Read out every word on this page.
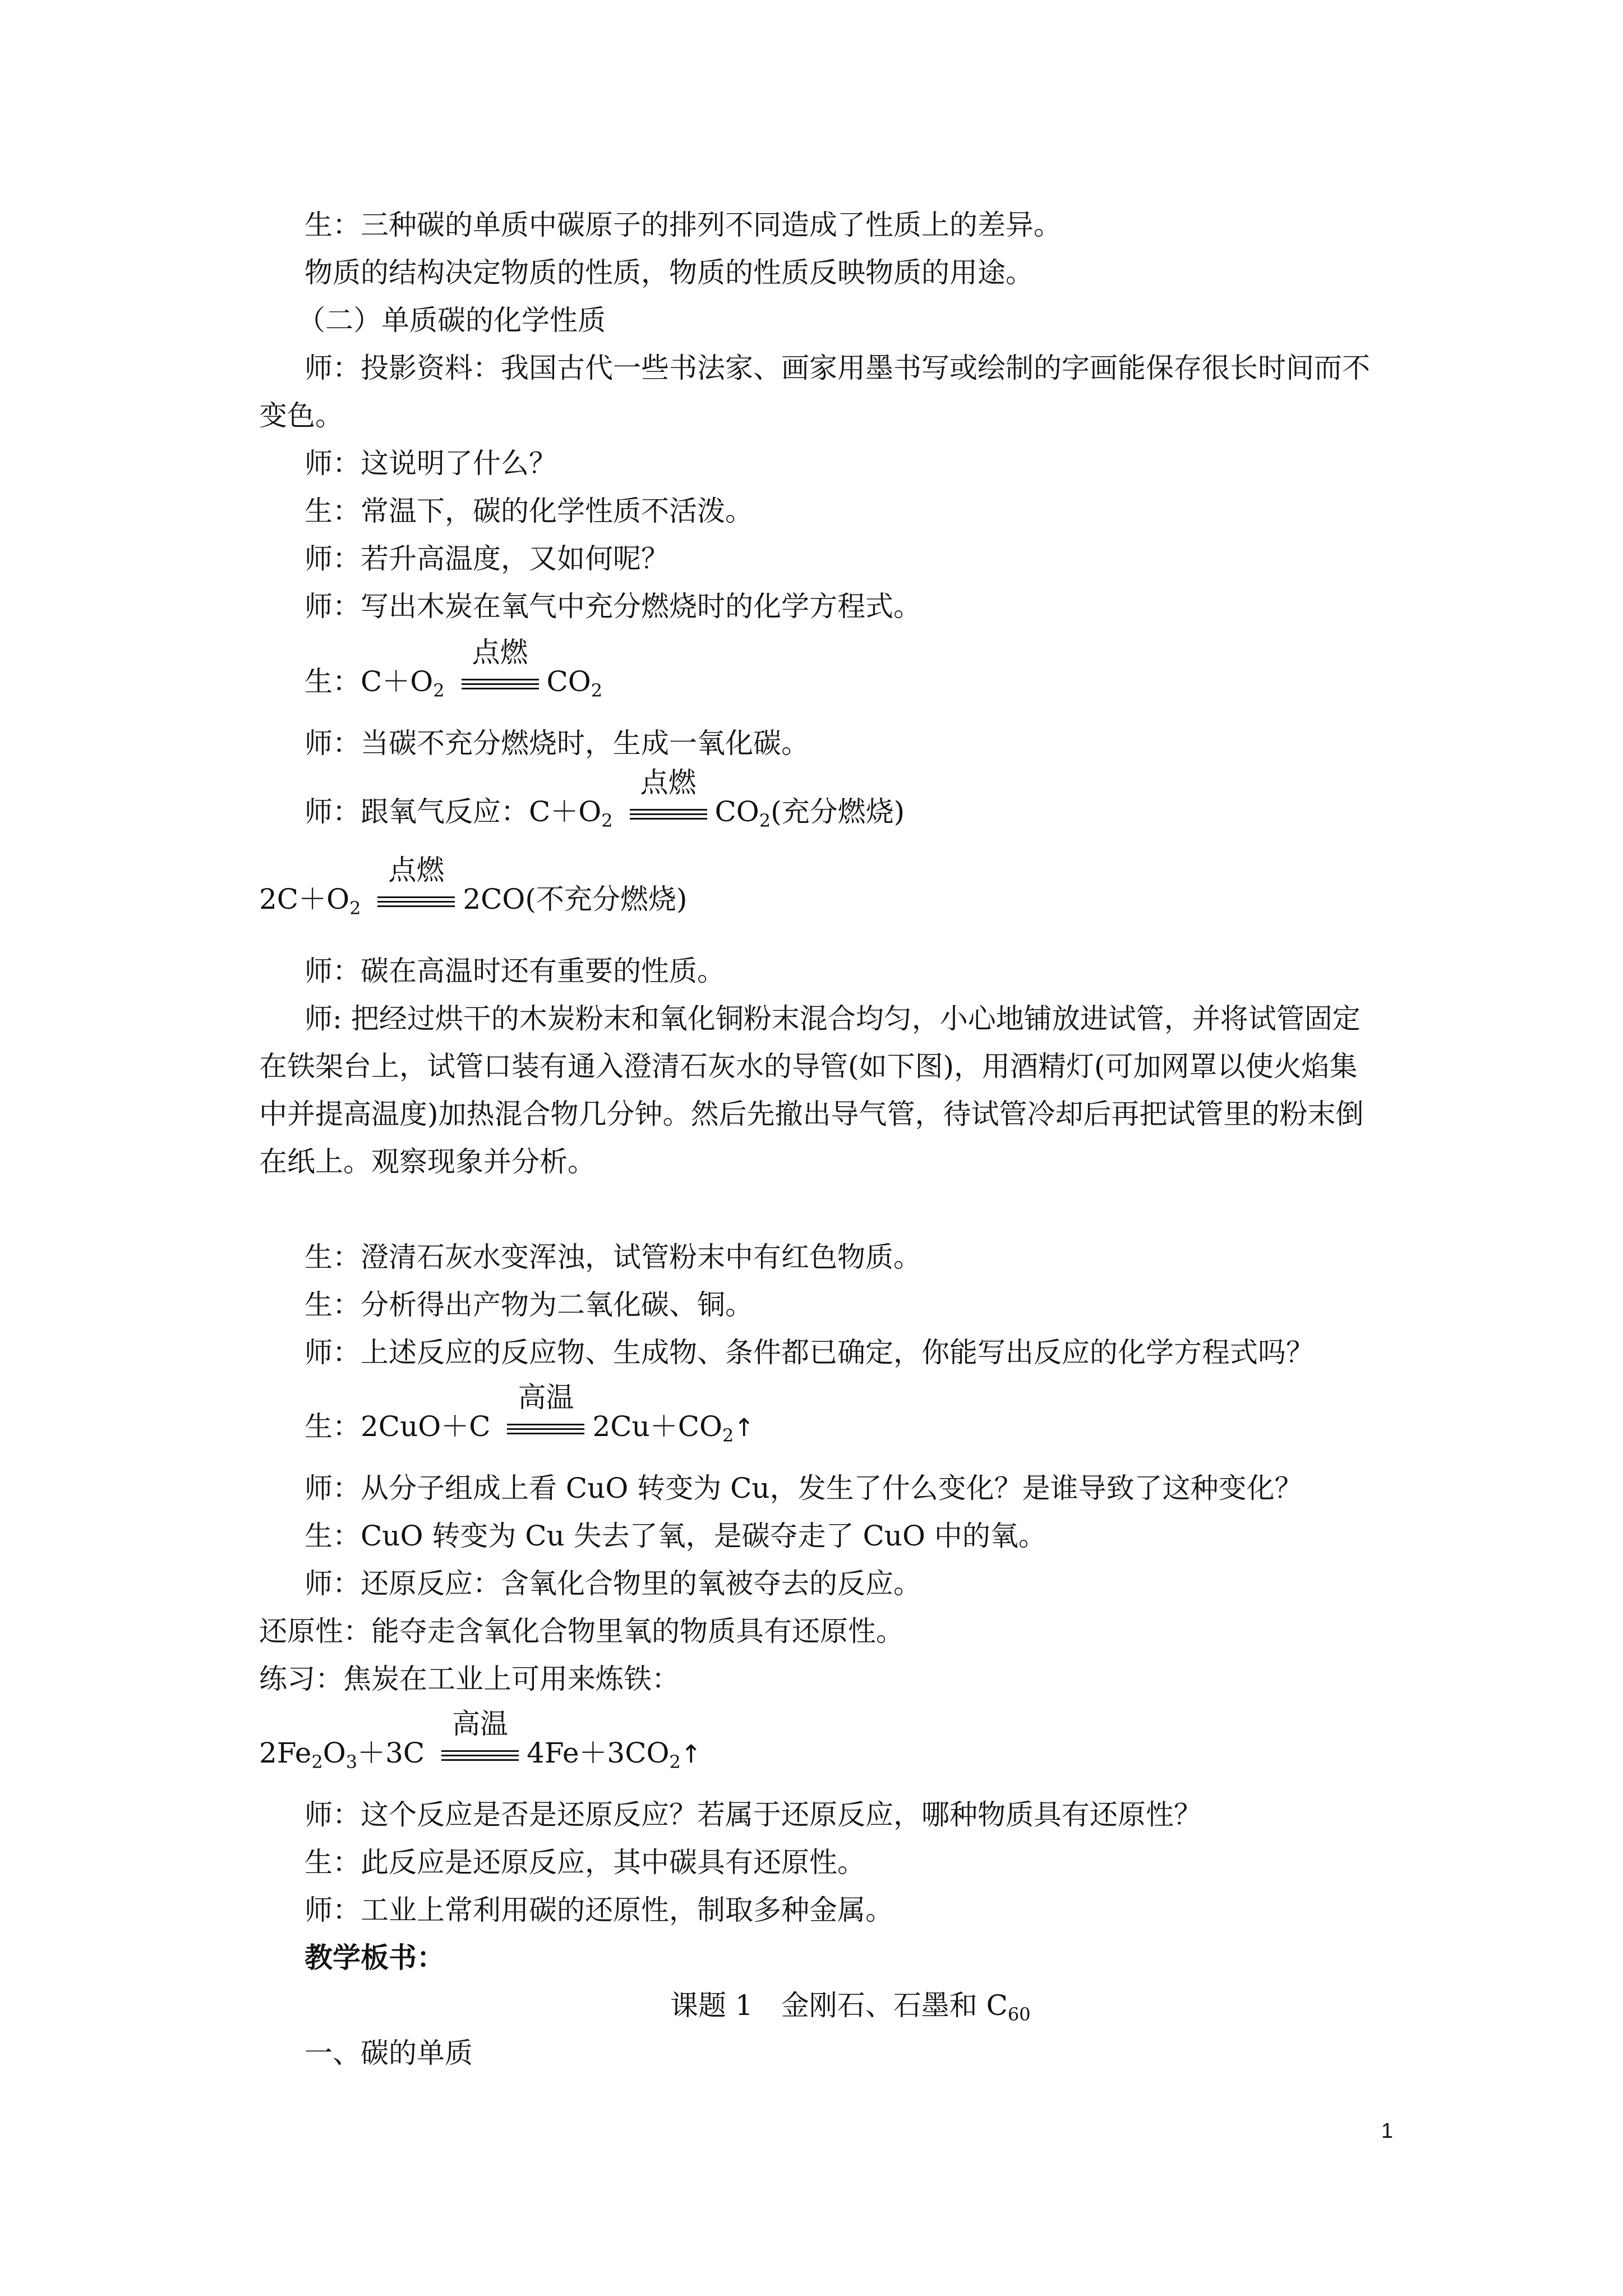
生：三种碳的单质中碳原子的排列不同造成了性质上的差异。
物质的结构决定物质的性质，物质的性质反映物质的用途。
（二）单质碳的化学性质
师：投影资料：我国古代一些书法家、画家用墨书写或绘制的字画能保存很长时间而不
变色。
师：这说明了什么？
生：常温下，碳的化学性质不活泼。
师：若升高温度，又如何呢？
师：写出木炭在氧气中充分燃烧时的化学方程式。
生：$C+O_2$
点燃
$CO_2$
师：当碳不充分燃烧时，生成一氧化碳。
师：跟氧气反应：$C+O_2$
点燃
$CO_2$(充分燃烧)
$2C+O_2$
点燃
2CO(不充分燃烧)
师：碳在高温时还有重要的性质。
师: 把经过烘干的木炭粉末和氧化铜粉末混合均匀，小心地铺放进试管，并将试管固定
在铁架台上，试管口装有通入澄清石灰水的导管(如下图)，用酒精灯(可加网罩以使火焰集
中并提高温度)加热混合物几分钟。然后先撤出导气管，待试管冷却后再把试管里的粉末倒
在纸上。观察现象并分析。
生：澄清石灰水变浑浊，试管粉末中有红色物质。
生：分析得出产物为二氧化碳、铜。
师：上述反应的反应物、生成物、条件都已确定，你能写出反应的化学方程式吗？
生：2CuO＋C
高温
$2Cu+CO_2↑$
师：从分子组成上看 CuO 转变为 Cu，发生了什么变化？是谁导致了这种变化？
生：CuO 转变为 Cu 失去了氧，是碳夺走了 CuO 中的氧。
师：还原反应：含氧化合物里的氧被夺去的反应。
还原性：能夺走含氧化合物里氧的物质具有还原性。
练习：焦炭在工业上可用来炼铁：
$2Fe_2O_3+3C$
高温
$4Fe+3CO_2↑$
师：这个反应是否是还原反应？若属于还原反应，哪种物质具有还原性？
生：此反应是还原反应，其中碳具有还原性。
师：工业上常利用碳的还原性，制取多种金属。
教学板书：
课题 1　金刚石、石墨和 $C_{60}$
一、碳的单质
1
